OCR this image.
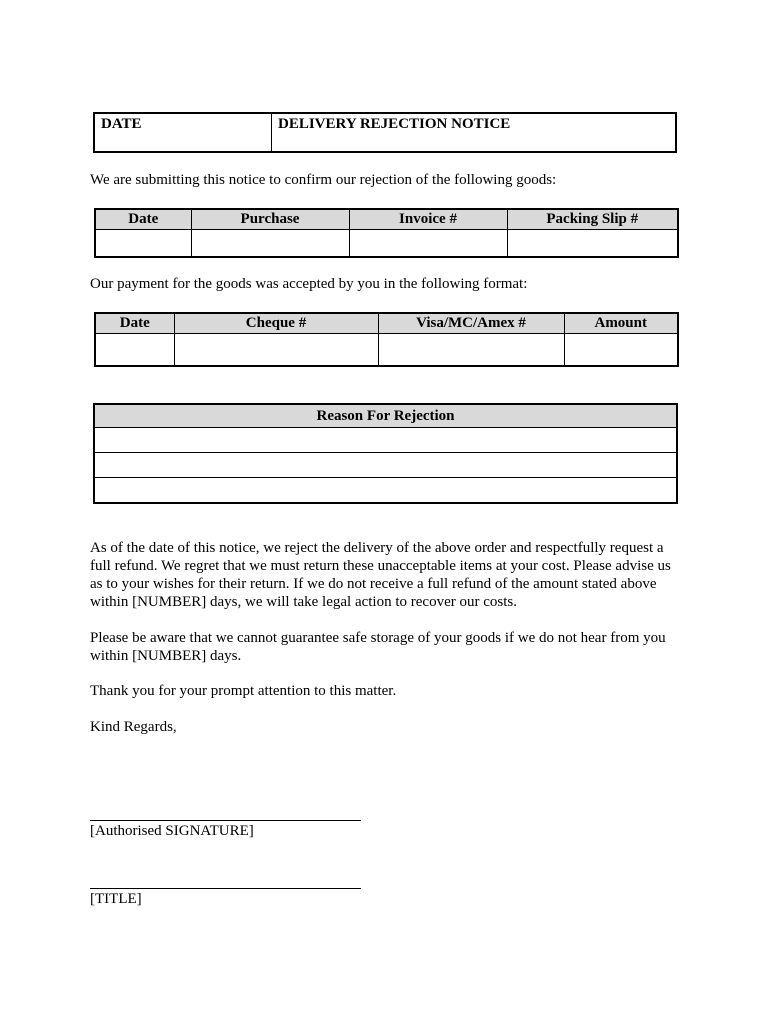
DATE	DELIVERY REJECTION NOTICE

We are submitting this notice to confirm our rejection of the following goods:

Date	Purchase	Invoice #	Packing Slip #

Our payment for the goods was accepted by you in the following format:

Date	Cheque #	Visa/MC/Amex #	Amount

Reason For Rejection

As of the date of this notice, we reject the delivery of the above order and respectfully request a full refund. We regret that we must return these unacceptable items at your cost. Please advise us as to your wishes for their return. If we do not receive a full refund of the amount stated above within [NUMBER] days, we will take legal action to recover our costs.

Please be aware that we cannot guarantee safe storage of your goods if we do not hear from you within [NUMBER] days.

Thank you for your prompt attention to this matter.

Kind Regards,

[Authorised SIGNATURE]

[TITLE]
